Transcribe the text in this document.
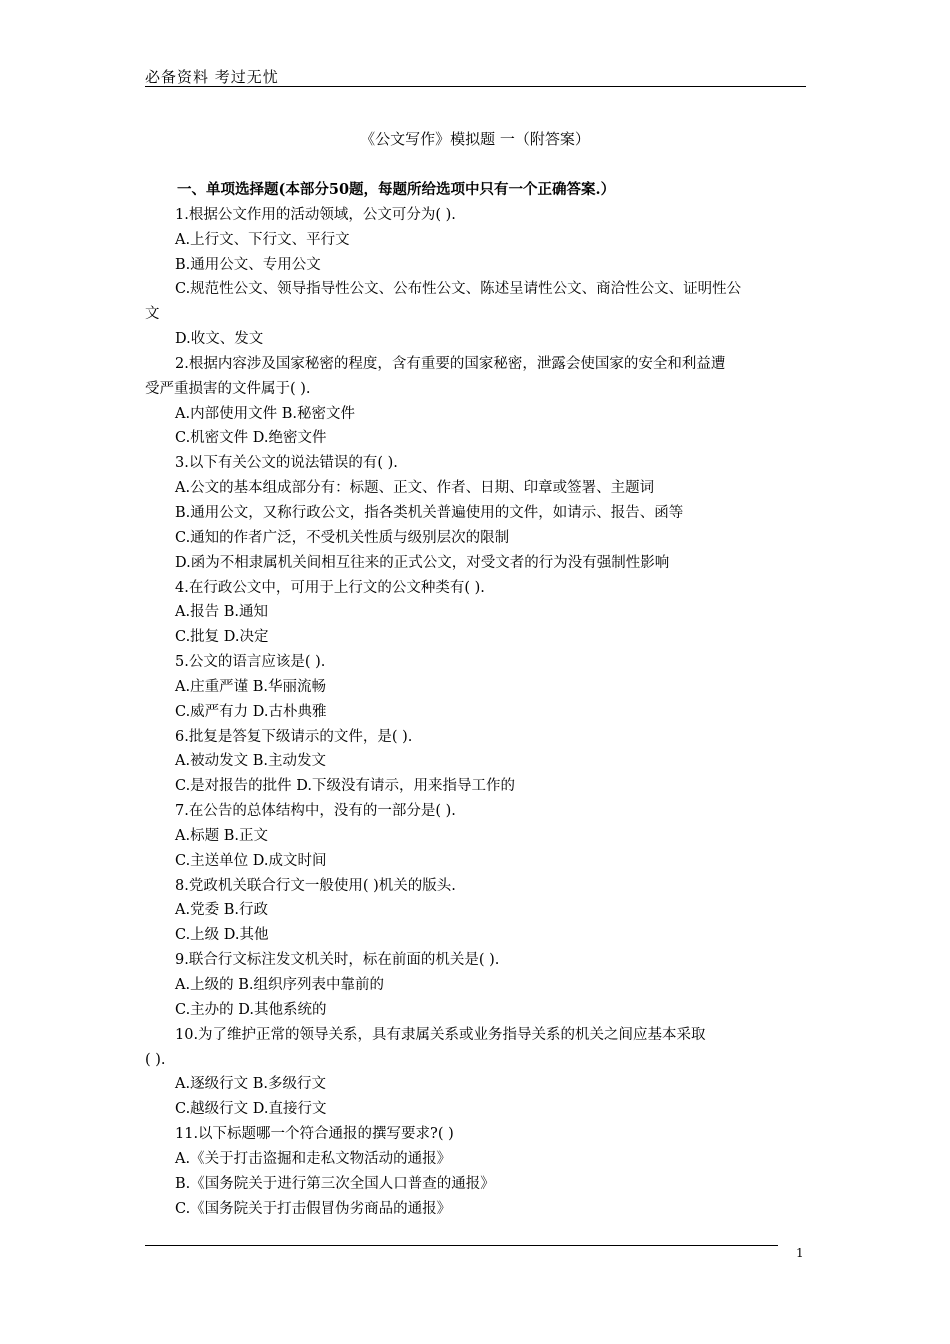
必备资料 考过无忧
《公文写作》模拟题 一（附答案）
一、单项选择题(本部分50题，每题所给选项中只有一个正确答案.）
1.根据公文作用的活动领域，公文可分为( ).
A.上行文、下行文、平行文
B.通用公文、专用公文
C.规范性公文、领导指导性公文、公布性公文、陈述呈请性公文、商洽性公文、证明性公
文
D.收文、发文
2.根据内容涉及国家秘密的程度，含有重要的国家秘密，泄露会使国家的安全和利益遭
受严重损害的文件属于( ).
A.内部使用文件 B.秘密文件
C.机密文件 D.绝密文件
3.以下有关公文的说法错误的有( ).
A.公文的基本组成部分有：标题、正文、作者、日期、印章或签署、主题词
B.通用公文，又称行政公文，指各类机关普遍使用的文件，如请示、报告、函等
C.通知的作者广泛，不受机关性质与级别层次的限制
D.函为不相隶属机关间相互往来的正式公文，对受文者的行为没有强制性影响
4.在行政公文中，可用于上行文的公文种类有( ).
A.报告 B.通知
C.批复 D.决定
5.公文的语言应该是( ).
A.庄重严谨 B.华丽流畅
C.威严有力 D.古朴典雅
6.批复是答复下级请示的文件，是( ).
A.被动发文 B.主动发文
C.是对报告的批件 D.下级没有请示，用来指导工作的
7.在公告的总体结构中，没有的一部分是( ).
A.标题 B.正文
C.主送单位 D.成文时间
8.党政机关联合行文一般使用( )机关的版头.
A.党委 B.行政
C.上级 D.其他
9.联合行文标注发文机关时，标在前面的机关是( ).
A.上级的 B.组织序列表中靠前的
C.主办的 D.其他系统的
10.为了维护正常的领导关系，具有隶属关系或业务指导关系的机关之间应基本采取
( ).
A.逐级行文 B.多级行文
C.越级行文 D.直接行文
11.以下标题哪一个符合通报的撰写要求?( )
A.《关于打击盗掘和走私文物活动的通报》
B.《国务院关于进行第三次全国人口普查的通报》
C.《国务院关于打击假冒伪劣商品的通报》
1
